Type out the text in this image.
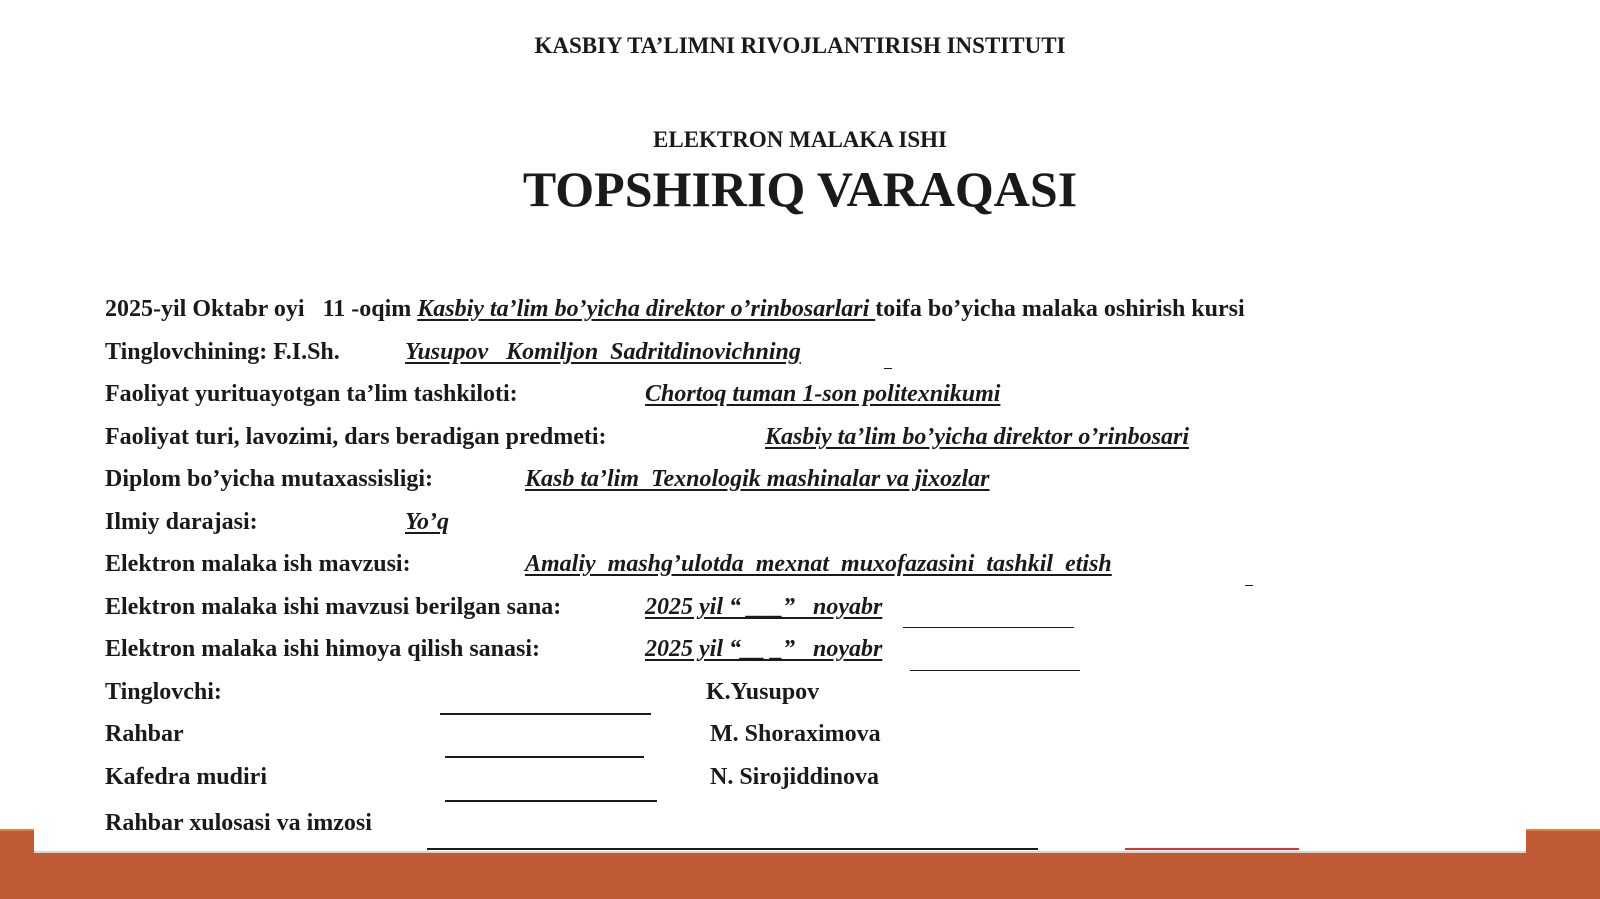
KASBIY TA’LIMNI RIVOJLANTIRISH INSTITUTI
ELEKTRON MALAKA ISHI
TOPSHIRIQ VARAQASI
2025-yil Oktabr oyi   11 -oqim Kasbiy ta’lim bo’yicha direktor o’rinbosarlari toifa bo’yicha malaka oshirish kursi
Tinglovchining: F.I.Sh.	Yusupov   Komiljon  Sadritdinovichning
Faoliyat yurituayotgan ta’lim tashkiloti:	Chortoq tuman 1-son politexnikumi
Faoliyat turi, lavozimi, dars beradigan predmeti:	Kasbiy ta’lim bo’yicha direktor o’rinbosari
Diplom bo’yicha mutaxassisligi:	Kasb ta’lim  Texnologik mashinalar va jixozlar
Ilmiy darajasi:	Yo’q
Elektron malaka ish mavzusi:	Amaliy  mashg’ulotda  mexnat  muxofazasini  tashkil  etish
Elektron malaka ishi mavzusi berilgan sana:	2025 yil “ ___”   noyabr
Elektron malaka ishi himoya qilish sanasi:	2025 yil “__ _”   noyabr
Tinglovchi:	K.Yusupov
Rahbar	M. Shoraximova
Kafedra mudiri	N. Sirojiddinova
Rahbar xulosasi va imzosi
